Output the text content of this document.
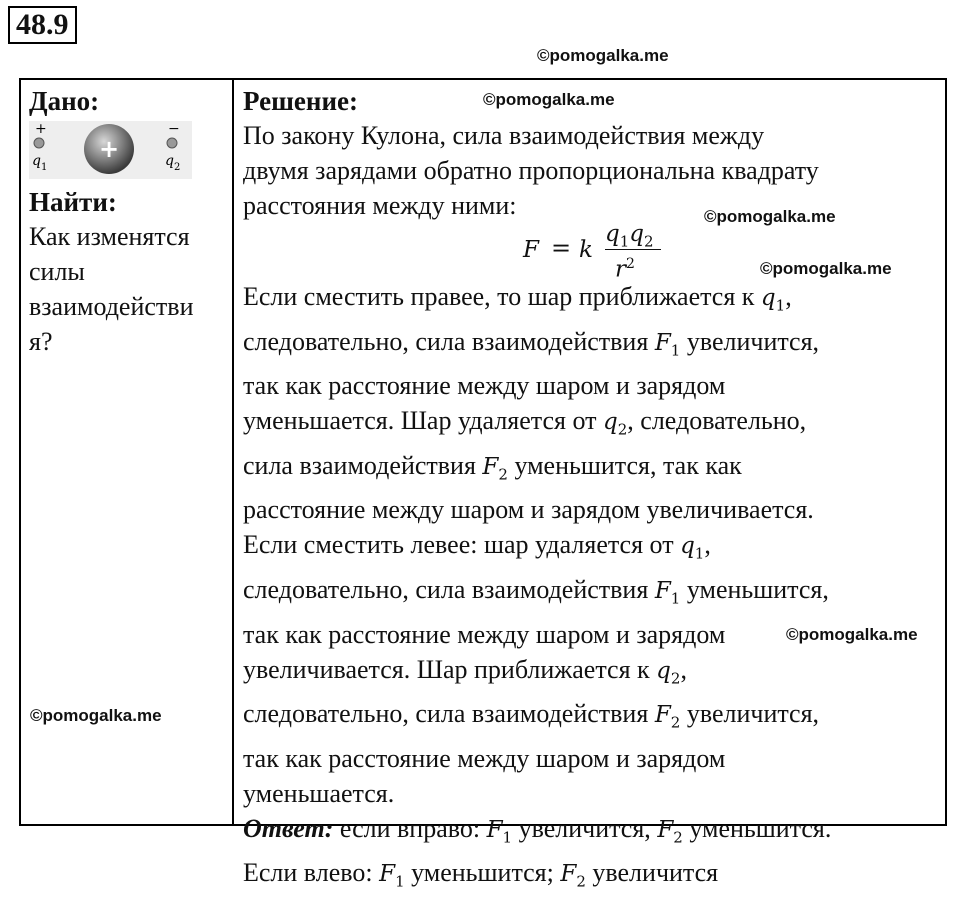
48.9
©pomogalka.me
Дано:
+
q 1
+
−
q 2
Найти:
Как изменятся
силы
взаимодействи
я?
Решение:
По закону Кулона, сила взаимодействия между
двумя зарядами обратно пропорциональна квадрату
расстояния между ними:
F = k
$q_1q_2$
$r^2$
Если сместить правее, то шар приближается к $q_1$,
следовательно, сила взаимодействия $F_1$ увеличится,
так как расстояние между шаром и зарядом
уменьшается. Шар удаляется от $q_2$, следовательно,
сила взаимодействия $F_2$ уменьшится, так как
расстояние между шаром и зарядом увеличивается.
Если сместить левее: шар удаляется от $q_1$,
следовательно, сила взаимодействия $F_1$ уменьшится,
так как расстояние между шаром и зарядом
увеличивается. Шар приближается к $q_2$,
следовательно, сила взаимодействия $F_2$ увеличится,
так как расстояние между шаром и зарядом
уменьшается.
Ответ: если вправо: $F_1$ увеличится, $F_2$ уменьшится.
Если влево: $F_1$ уменьшится; $F_2$ увеличится
©pomogalka.me
©pomogalka.me
©pomogalka.me
©pomogalka.me
©pomogalka.me
